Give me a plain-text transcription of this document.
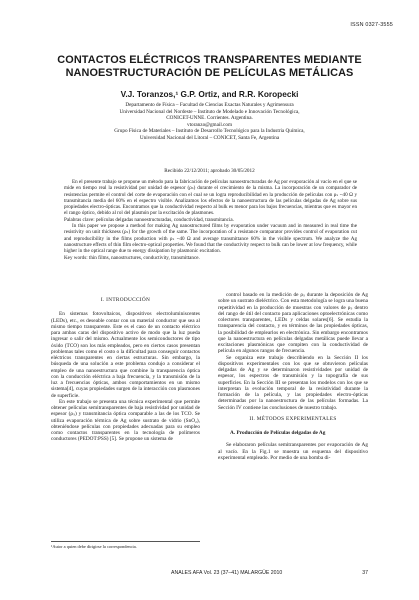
ISSN 0327-3555
CONTACTOS ELÉCTRICOS TRANSPARENTES MEDIANTE
NANOESTRUCTURACIÓN DE PELÍCULAS METÁLICAS
V.J. Toranzos,¹ G.P. Ortiz, and R.R. Koropecki
Departamento de Física – Facultad de Ciencias Exactas Naturales y Agrimensura
Universidad Nacional del Nordeste – Instituto de Modelado e Innovación Tecnológica,
CONICET-UNNE. Corrientes. Argentina.
vtoranzo@gmail.com
Grupo Física de Materiales – Instituto de Desarrollo Tecnológico para la Industria Química,
Universidad Nacional del Litoral – CONICET, Santa Fe, Argentina
Recibido 22/12/2011; aprobado 30/05/2012

En el presente trabajo se propone un método para la fabricación de películas nanoestructuradas de Ag por evaporación al vacío en el que se mide en tiempo real la resistividad por unidad de espesor (ρₛ) durante el crecimiento de la misma. La incorporación de un comparador de resistencias permite el control del corte de evaporación con el cual se un logra reproducibilidad en la producción de películas con ρₛ ~40 Ω y transmitancia media del 60% en el espectro visible. Analizamos los efectos de la nanoestructura de las películas delgadas de Ag sobre sus propiedades electro-ópticas. Encontramos que la conductividad respecto al bulk es menor para los bajos frecuencias, mientras que es mayor en el rango óptico, debido al rol del plasmón por la excitación de plasmones.

Palabras clave: películas delgadas nanoestructuradas, conductividad, transmitancia.

In this paper we propose a method for making Ag nanostructured films by evaporation under vacuum and in measured in real time the resistivity on unit thickness (ρₛ) for the growth of the same. The incorporation of a resistance comparator provides control of evaporation cut and reproducibility in the films production with ρₛ ~40 Ω and average transmittance 60% in the visible spectrum. We analyze the Ag nanostructure effects of thin film electro-optical properties. We found that the conductivity respect to bulk can be lower at low frequency, while higher in the optical range due to energy dissipation by plasmonic excitation.

Key words: thin films, nanostructures, conductivity, transmittance.

I. INTRODUCCIÓN

En sistemas fotovoltaicos, dispositivos electroluminiscentes (LEDs), etc., es deseable contar con un material conductor que sea al mismo tiempo transparente. Este es el caso de un contacto eléctrico para ambas caras del dispositivo activo de modo que la luz pueda ingresar o salir del mismo. Actualmente los semiconductores de tipo óxido (TCO) son los más empleados, pero en ciertos casos presentan problemas tales como el costo o la dificultad para conseguir contactos eléctricos transparentes en ciertas estructuras. Sin embargo, la búsqueda de una solución a este problema condujo a considerar el empleo de una nanoestructura que combine la transparencia óptica con la conducción eléctrica a baja frecuencia, y la transmisión de la luz a frecuencias ópticas, ambos comportamientos en un mismo sistema[4], cuyas propiedades surgen de la interacción con plasmones de superficie.

En este trabajo se presenta una técnica experimental que permite obtener películas semitransparentes de baja resistividad por unidad de espesor (ρₛ) y transmitancia óptica comparable a las de los TCO. Se utiliza evaporación térmica de Ag sobre sustrato de vidrio (SnO₂), obteniéndose películas con propiedades adecuadas para su empleo como contactos transparentes en la tecnología de polímeros conductores (PEDOT:PSS) [5]. Se propone un sistema de

control basado en la medición de ρₛ durante la deposición de Ag sobre un sustrato dieléctrico. Con esta metodología se logra una buena repetitividad en la producción de muestras con valores de ρₛ dentro del rango de útil del contacto para aplicaciones optoelectrónicas como colectores transparentes, LEDs y celdas solares[6]. Se estudia la transparencia del contacto, y en términos de las propiedades ópticas, la posibilidad de emplearlos en electrónica. Sin embargo encontramos que la nanoestructura en películas delgadas metálicas puede llevar a excitaciones plasmónicas que compiten con la conductividad de película en algunos rangos de frecuencia.

Se organiza este trabajo describiendo en la Sección II los dispositivos experimentales con los que se obtuvieron películas delgadas de Ag y se determinaron resistividades por unidad de espesor, los espectros de transmisión y la topografía de sus superficies. En la Sección III se presentan los modelos con los que se interpretan la evolución temporal de la resistividad durante la formación de la película, y las propiedades electro-ópticas determinadas por la nanoestructura de las películas formadas. La Sección IV contiene las conclusiones de nuestro trabajo.

II. MÉTODOS EXPERIMENTALES
A. Producción de Películas delgadas de Ag

Se elaboraron películas semitransparentes por evaporación de Ag al vacío. En la Fig.1 se muestra un esquema del dispositivo experimental empleado. Por medio de una bomba di-

¹Autor a quien debe dirigirse la correspondencia.
ANALES AFA Vol. 23 (37–41) MALARGÜE 2010	37
